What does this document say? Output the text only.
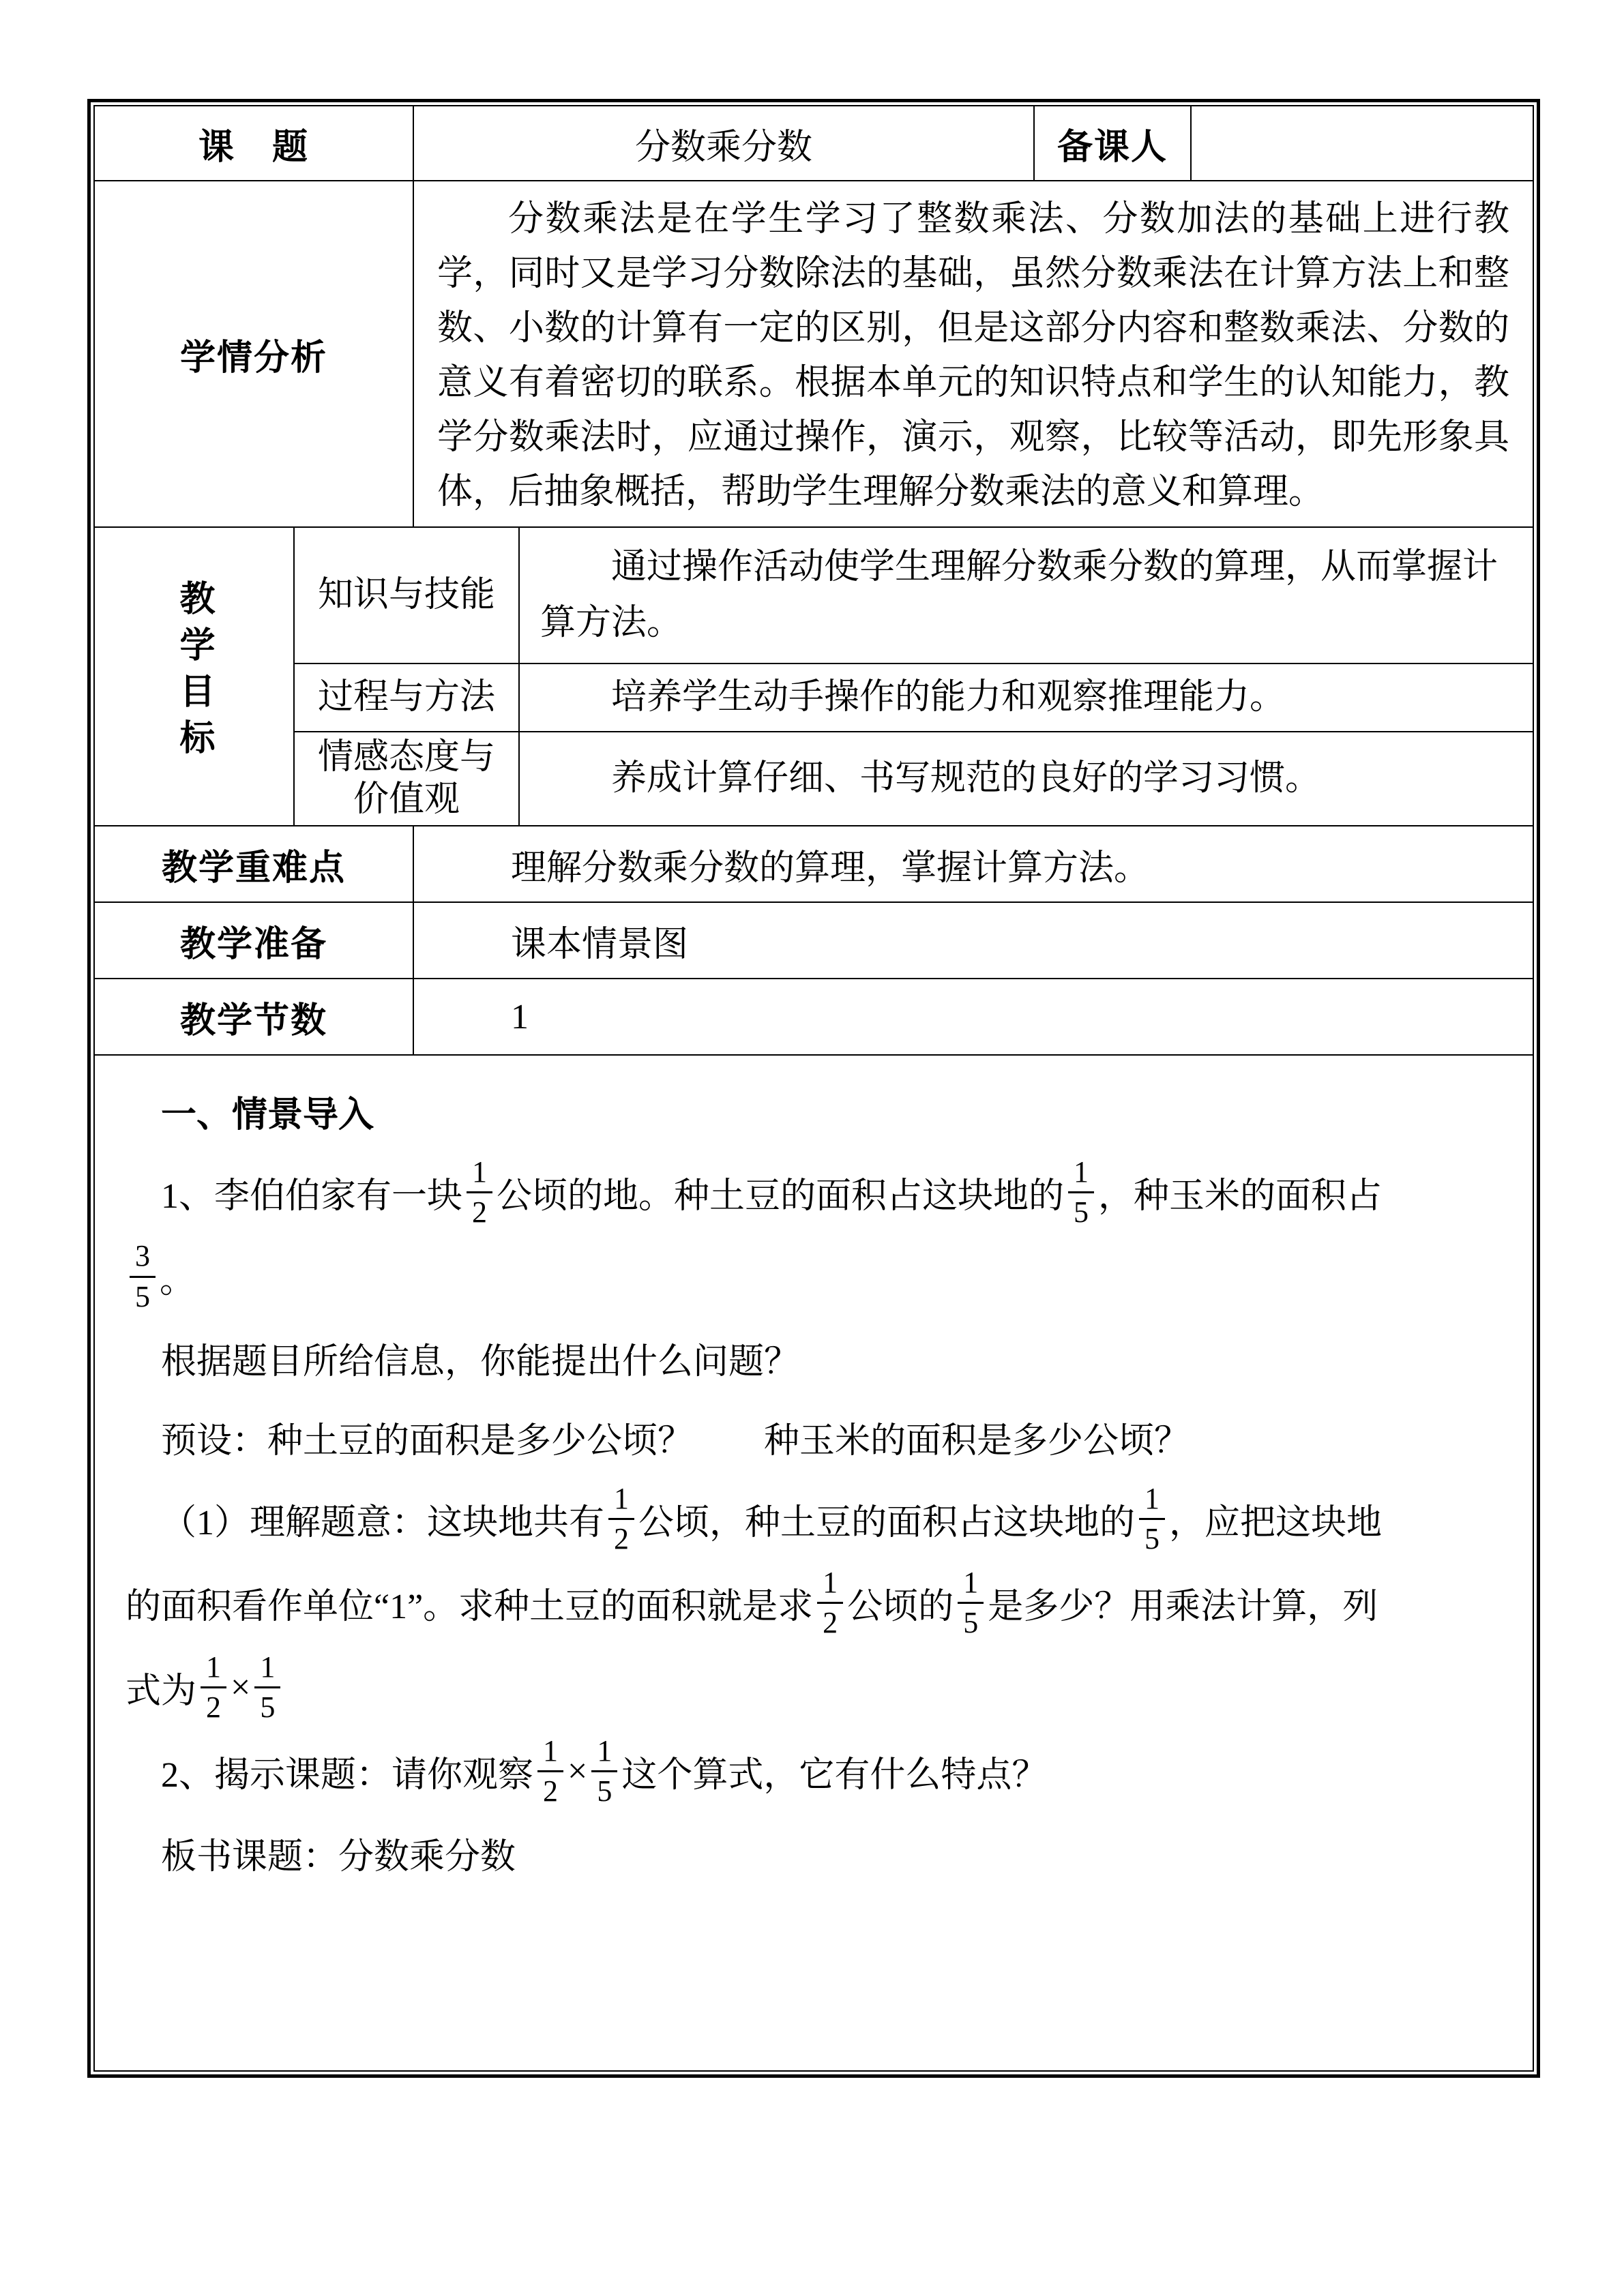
课　题		分数乘分数		备课人	
学情分析		分数乘法是在学生学习了整数乘法、分数加法的基础上进行教学，同时又是学习分数除法的基础，虽然分数乘法在计算方法上和整数、小数的计算有一定的区别，但是这部分内容和整数乘法、分数的意义有着密切的联系。根据本单元的知识特点和学生的认知能力，教学分数乘法时，应通过操作，演示，观察，比较等活动，即先形象具体，后抽象概括，帮助学生理解分数乘法的意义和算理。			
教学目标	知识与技能		通过操作活动使学生理解分数乘分数的算理，从而掌握计算方法。		
	过程与方法		培养学生动手操作的能力和观察推理能力。		
	情感态度与价值观		养成计算仔细、书写规范的良好的学习习惯。		
教学重难点		理解分数乘分数的算理，掌握计算方法。			
教学准备		课本情景图			
教学节数		1			

一、情景导入
1、李伯伯家有一块 $\frac{1}{2}$ 公顷的地。种土豆的面积占这块地的 $\frac{1}{5}$ ，种玉米的面积占
$\frac{3}{5}$ 。
根据题目所给信息，你能提出什么问题？
预设：种土豆的面积是多少公顷？　　种玉米的面积是多少公顷？
（1）理解题意：这块地共有 $\frac{1}{2}$ 公顷，种土豆的面积占这块地的 $\frac{1}{5}$ ，应把这块地
的面积看作单位“1”。求种土豆的面积就是求 $\frac{1}{2}$ 公顷的 $\frac{1}{5}$ 是多少？用乘法计算，列
式为 $\frac{1}{2} \times \frac{1}{5}$
2、揭示课题：请你观察 $\frac{1}{2} \times \frac{1}{5}$ 这个算式，它有什么特点？
板书课题：分数乘分数
